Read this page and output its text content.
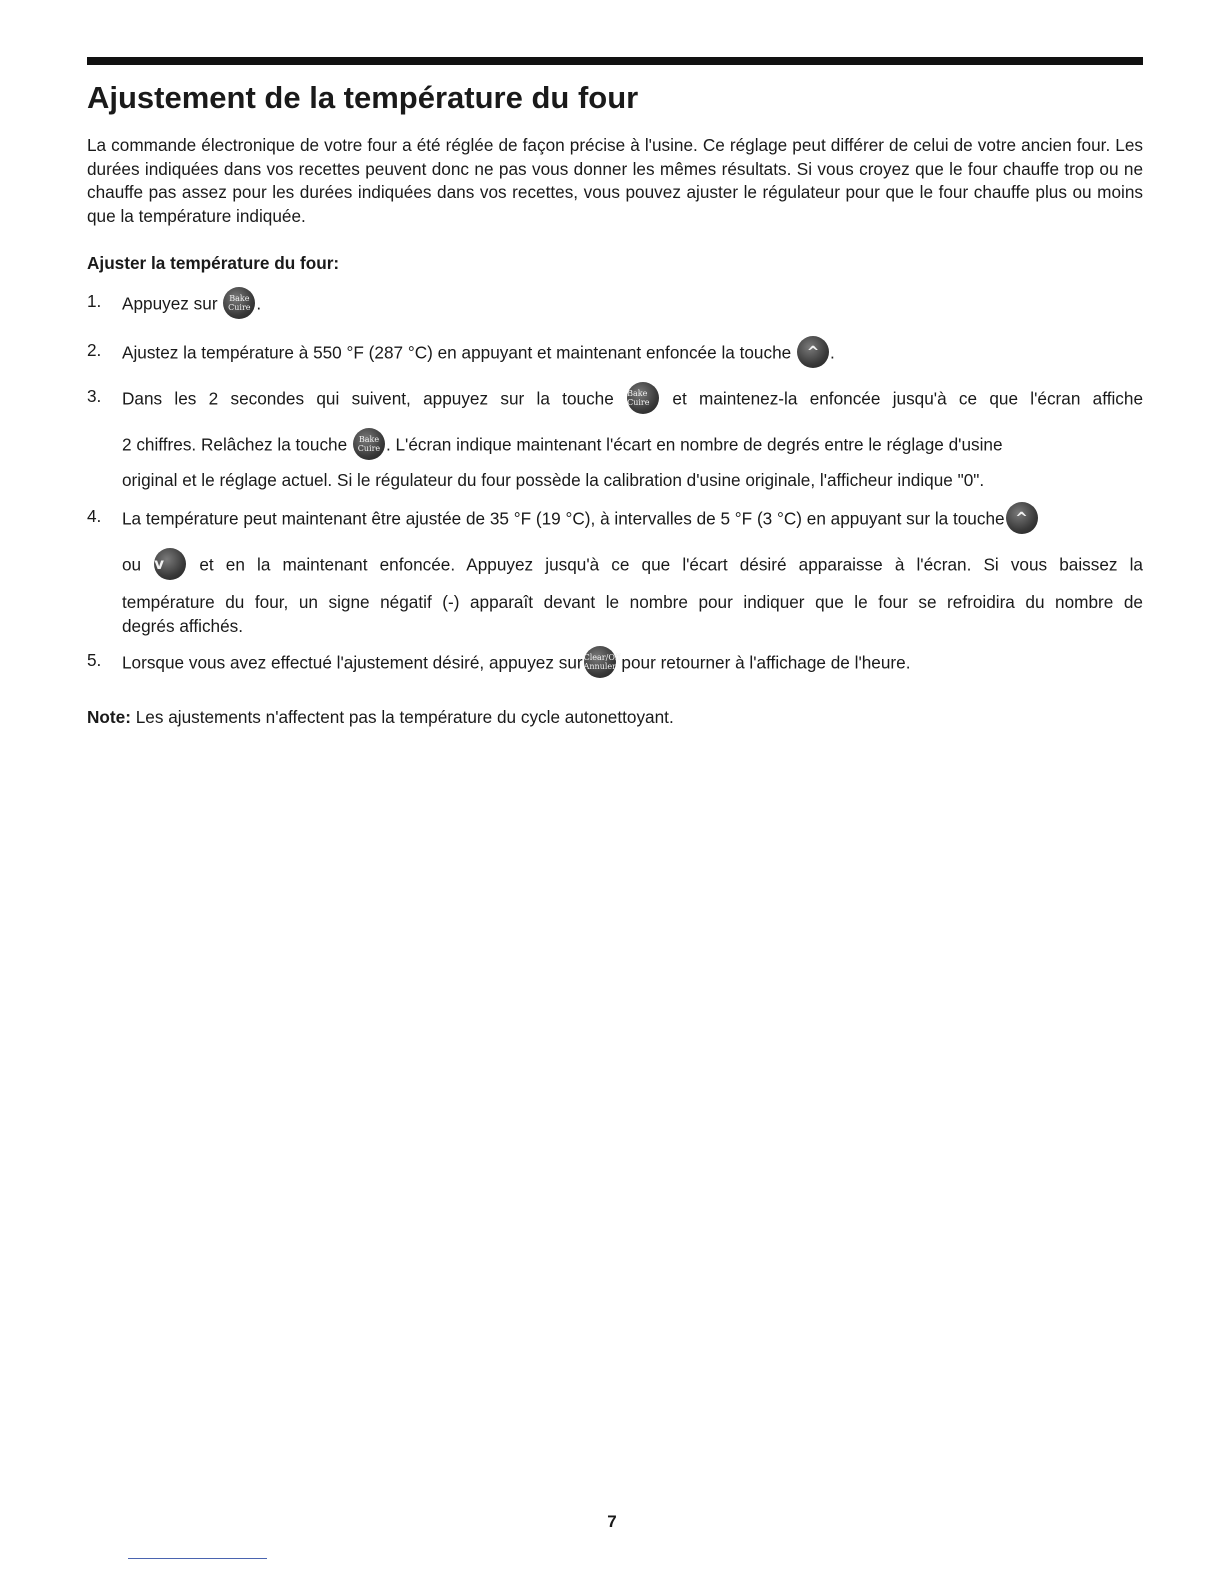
Ajustement de la température du four

La commande électronique de votre four a été réglée de façon précise à l'usine. Ce réglage peut différer de celui de votre ancien four. Les durées indiquées dans vos recettes peuvent donc ne pas vous donner les mêmes résultats. Si vous croyez que le four chauffe trop ou ne chauffe pas assez pour les durées indiquées dans vos recettes, vous pouvez ajuster le régulateur pour que le four chauffe plus ou moins que la température indiquée.

Ajuster la température du four:

1. Appuyez sur	Bake
Cuire .
2. Ajustez la température à 550 °F (287 °C) en appuyant et maintenant enfoncée la touche	^ .
3. Dans les 2 secondes qui suivent, appuyez sur la touche Bake
Cuire	et maintenez-la enfoncée jusqu'à ce que l'écran affiche
2 chiffres. Relâchez la touche	Bake
Cuire . L'écran indique maintenant l'écart en nombre de degrés entre le réglage d'usine
original et le réglage actuel. Si le régulateur du four possède la calibration d'usine originale, l'afficheur indique "0".
4. La température peut maintenant être ajustée de 35 °F (19 °C), à intervalles de 5 °F (3 °C) en appuyant sur la touche ^
ou v	et en la maintenant enfoncée. Appuyez jusqu'à ce que l'écart désiré apparaisse à l'écran. Si vous baissez la
température du four, un signe négatif (-) apparaît devant le nombre pour indiquer que le four se refroidira du nombre de
degrés affichés.
5. Lorsque vous avez effectué l'ajustement désiré, appuyez sur Clear/Off
Annuler pour retourner à l'affichage de l'heure.

Note: Les ajustements n'affectent pas la température du cycle autonettoyant.

7
